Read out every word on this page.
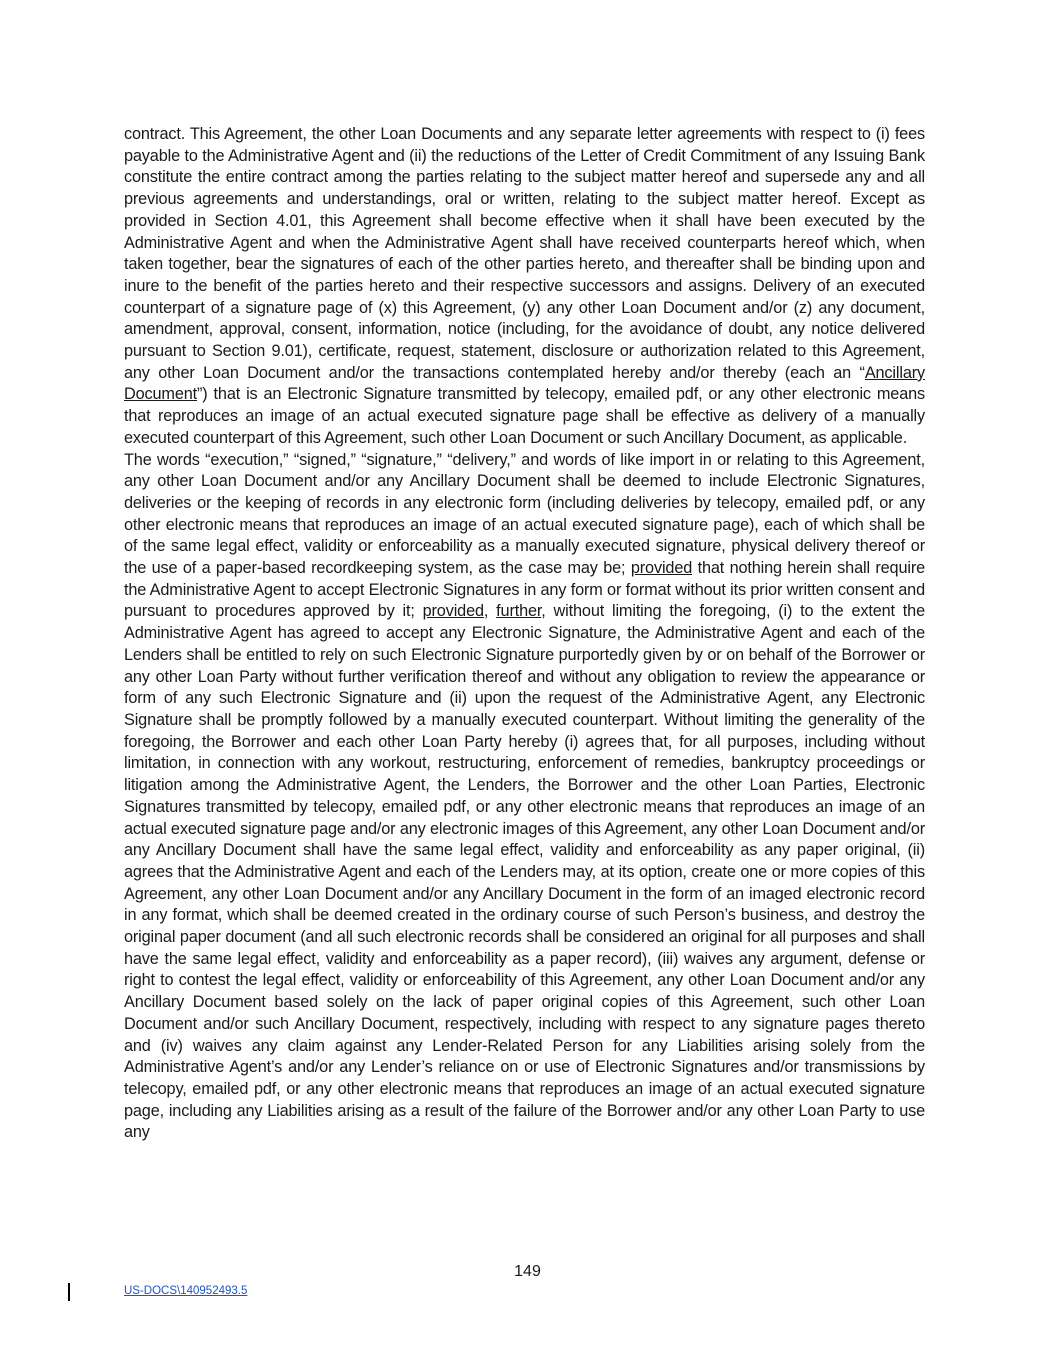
contract. This Agreement, the other Loan Documents and any separate letter agreements with respect to (i) fees payable to the Administrative Agent and (ii) the reductions of the Letter of Credit Commitment of any Issuing Bank constitute the entire contract among the parties relating to the subject matter hereof and supersede any and all previous agreements and understandings, oral or written, relating to the subject matter hereof. Except as provided in Section 4.01, this Agreement shall become effective when it shall have been executed by the Administrative Agent and when the Administrative Agent shall have received counterparts hereof which, when taken together, bear the signatures of each of the other parties hereto, and thereafter shall be binding upon and inure to the benefit of the parties hereto and their respective successors and assigns. Delivery of an executed counterpart of a signature page of (x) this Agreement, (y) any other Loan Document and/or (z) any document, amendment, approval, consent, information, notice (including, for the avoidance of doubt, any notice delivered pursuant to Section 9.01), certificate, request, statement, disclosure or authorization related to this Agreement, any other Loan Document and/or the transactions contemplated hereby and/or thereby (each an “Ancillary Document”) that is an Electronic Signature transmitted by telecopy, emailed pdf, or any other electronic means that reproduces an image of an actual executed signature page shall be effective as delivery of a manually executed counterpart of this Agreement, such other Loan Document or such Ancillary Document, as applicable.

The words “execution,” “signed,” “signature,” “delivery,” and words of like import in or relating to this Agreement, any other Loan Document and/or any Ancillary Document shall be deemed to include Electronic Signatures, deliveries or the keeping of records in any electronic form (including deliveries by telecopy, emailed pdf, or any other electronic means that reproduces an image of an actual executed signature page), each of which shall be of the same legal effect, validity or enforceability as a manually executed signature, physical delivery thereof or the use of a paper-based recordkeeping system, as the case may be; provided that nothing herein shall require the Administrative Agent to accept Electronic Signatures in any form or format without its prior written consent and pursuant to procedures approved by it; provided, further, without limiting the foregoing, (i) to the extent the Administrative Agent has agreed to accept any Electronic Signature, the Administrative Agent and each of the Lenders shall be entitled to rely on such Electronic Signature purportedly given by or on behalf of the Borrower or any other Loan Party without further verification thereof and without any obligation to review the appearance or form of any such Electronic Signature and (ii) upon the request of the Administrative Agent, any Electronic Signature shall be promptly followed by a manually executed counterpart. Without limiting the generality of the foregoing, the Borrower and each other Loan Party hereby (i) agrees that, for all purposes, including without limitation, in connection with any workout, restructuring, enforcement of remedies, bankruptcy proceedings or litigation among the Administrative Agent, the Lenders, the Borrower and the other Loan Parties, Electronic Signatures transmitted by telecopy, emailed pdf, or any other electronic means that reproduces an image of an actual executed signature page and/or any electronic images of this Agreement, any other Loan Document and/or any Ancillary Document shall have the same legal effect, validity and enforceability as any paper original, (ii) agrees that the Administrative Agent and each of the Lenders may, at its option, create one or more copies of this Agreement, any other Loan Document and/or any Ancillary Document in the form of an imaged electronic record in any format, which shall be deemed created in the ordinary course of such Person’s business, and destroy the original paper document (and all such electronic records shall be considered an original for all purposes and shall have the same legal effect, validity and enforceability as a paper record), (iii) waives any argument, defense or right to contest the legal effect, validity or enforceability of this Agreement, any other Loan Document and/or any Ancillary Document based solely on the lack of paper original copies of this Agreement, such other Loan Document and/or such Ancillary Document, respectively, including with respect to any signature pages thereto and (iv) waives any claim against any Lender-Related Person for any Liabilities arising solely from the Administrative Agent’s and/or any Lender’s reliance on or use of Electronic Signatures and/or transmissions by telecopy, emailed pdf, or any other electronic means that reproduces an image of an actual executed signature page, including any Liabilities arising as a result of the failure of the Borrower and/or any other Loan Party to use any

149
US-DOCS\140952493.5
